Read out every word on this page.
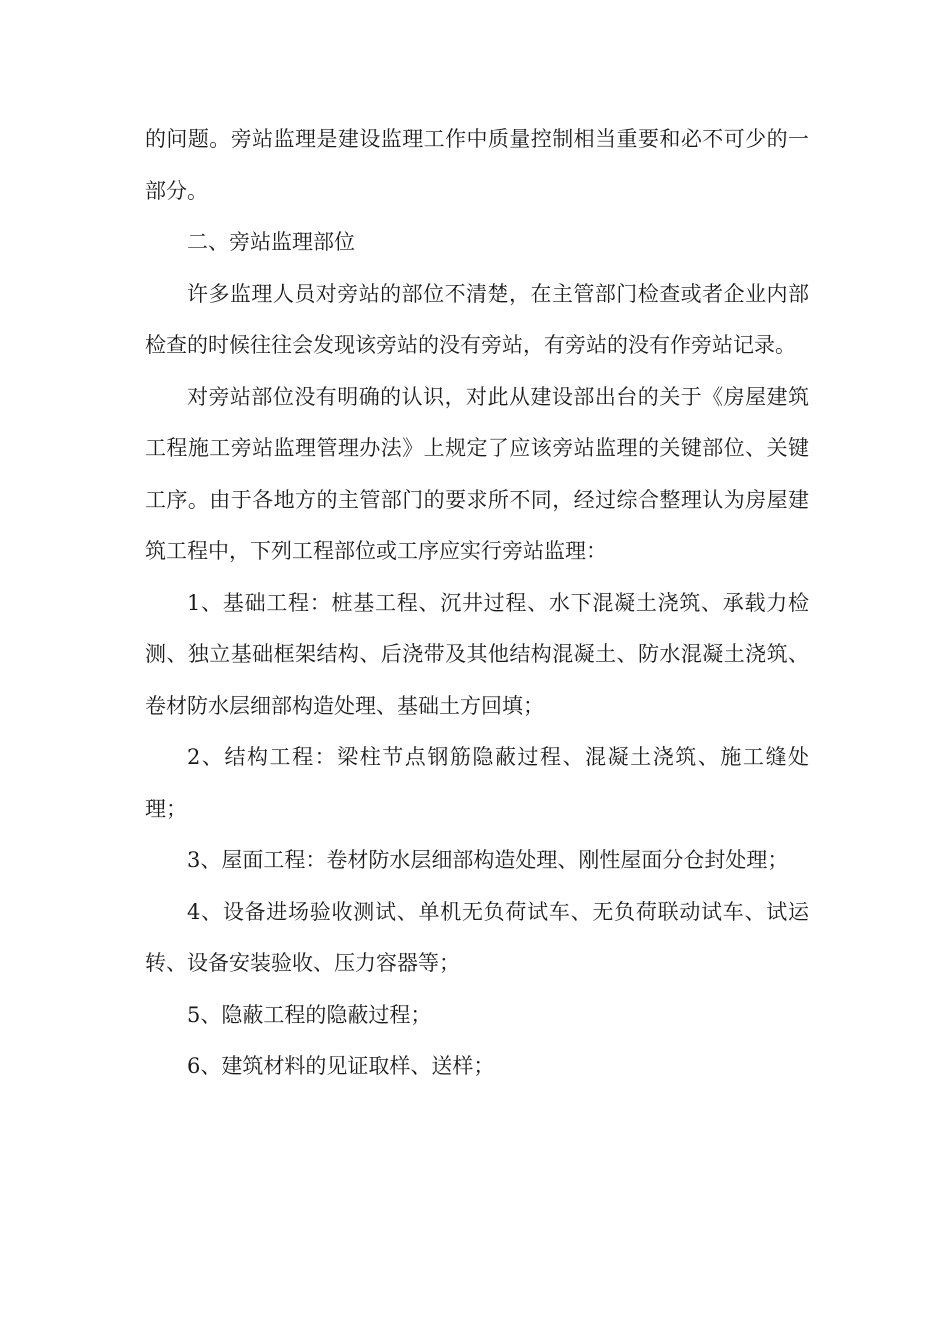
的问题。旁站监理是建设监理工作中质量控制相当重要和必不可少的一部分。

二、旁站监理部位

许多监理人员对旁站的部位不清楚，在主管部门检查或者企业内部检查的时候往往会发现该旁站的没有旁站，有旁站的没有作旁站记录。

对旁站部位没有明确的认识，对此从建设部出台的关于《房屋建筑工程施工旁站监理管理办法》上规定了应该旁站监理的关键部位、关键工序。由于各地方的主管部门的要求所不同，经过综合整理认为房屋建筑工程中，下列工程部位或工序应实行旁站监理：

1、基础工程：桩基工程、沉井过程、水下混凝土浇筑、承载力检测、独立基础框架结构、后浇带及其他结构混凝土、防水混凝土浇筑、卷材防水层细部构造处理、基础土方回填；

2、结构工程：梁柱节点钢筋隐蔽过程、混凝土浇筑、施工缝处理；

3、屋面工程：卷材防水层细部构造处理、刚性屋面分仓封处理；

4、设备进场验收测试、单机无负荷试车、无负荷联动试车、试运转、设备安装验收、压力容器等；

5、隐蔽工程的隐蔽过程；

6、建筑材料的见证取样、送样；
